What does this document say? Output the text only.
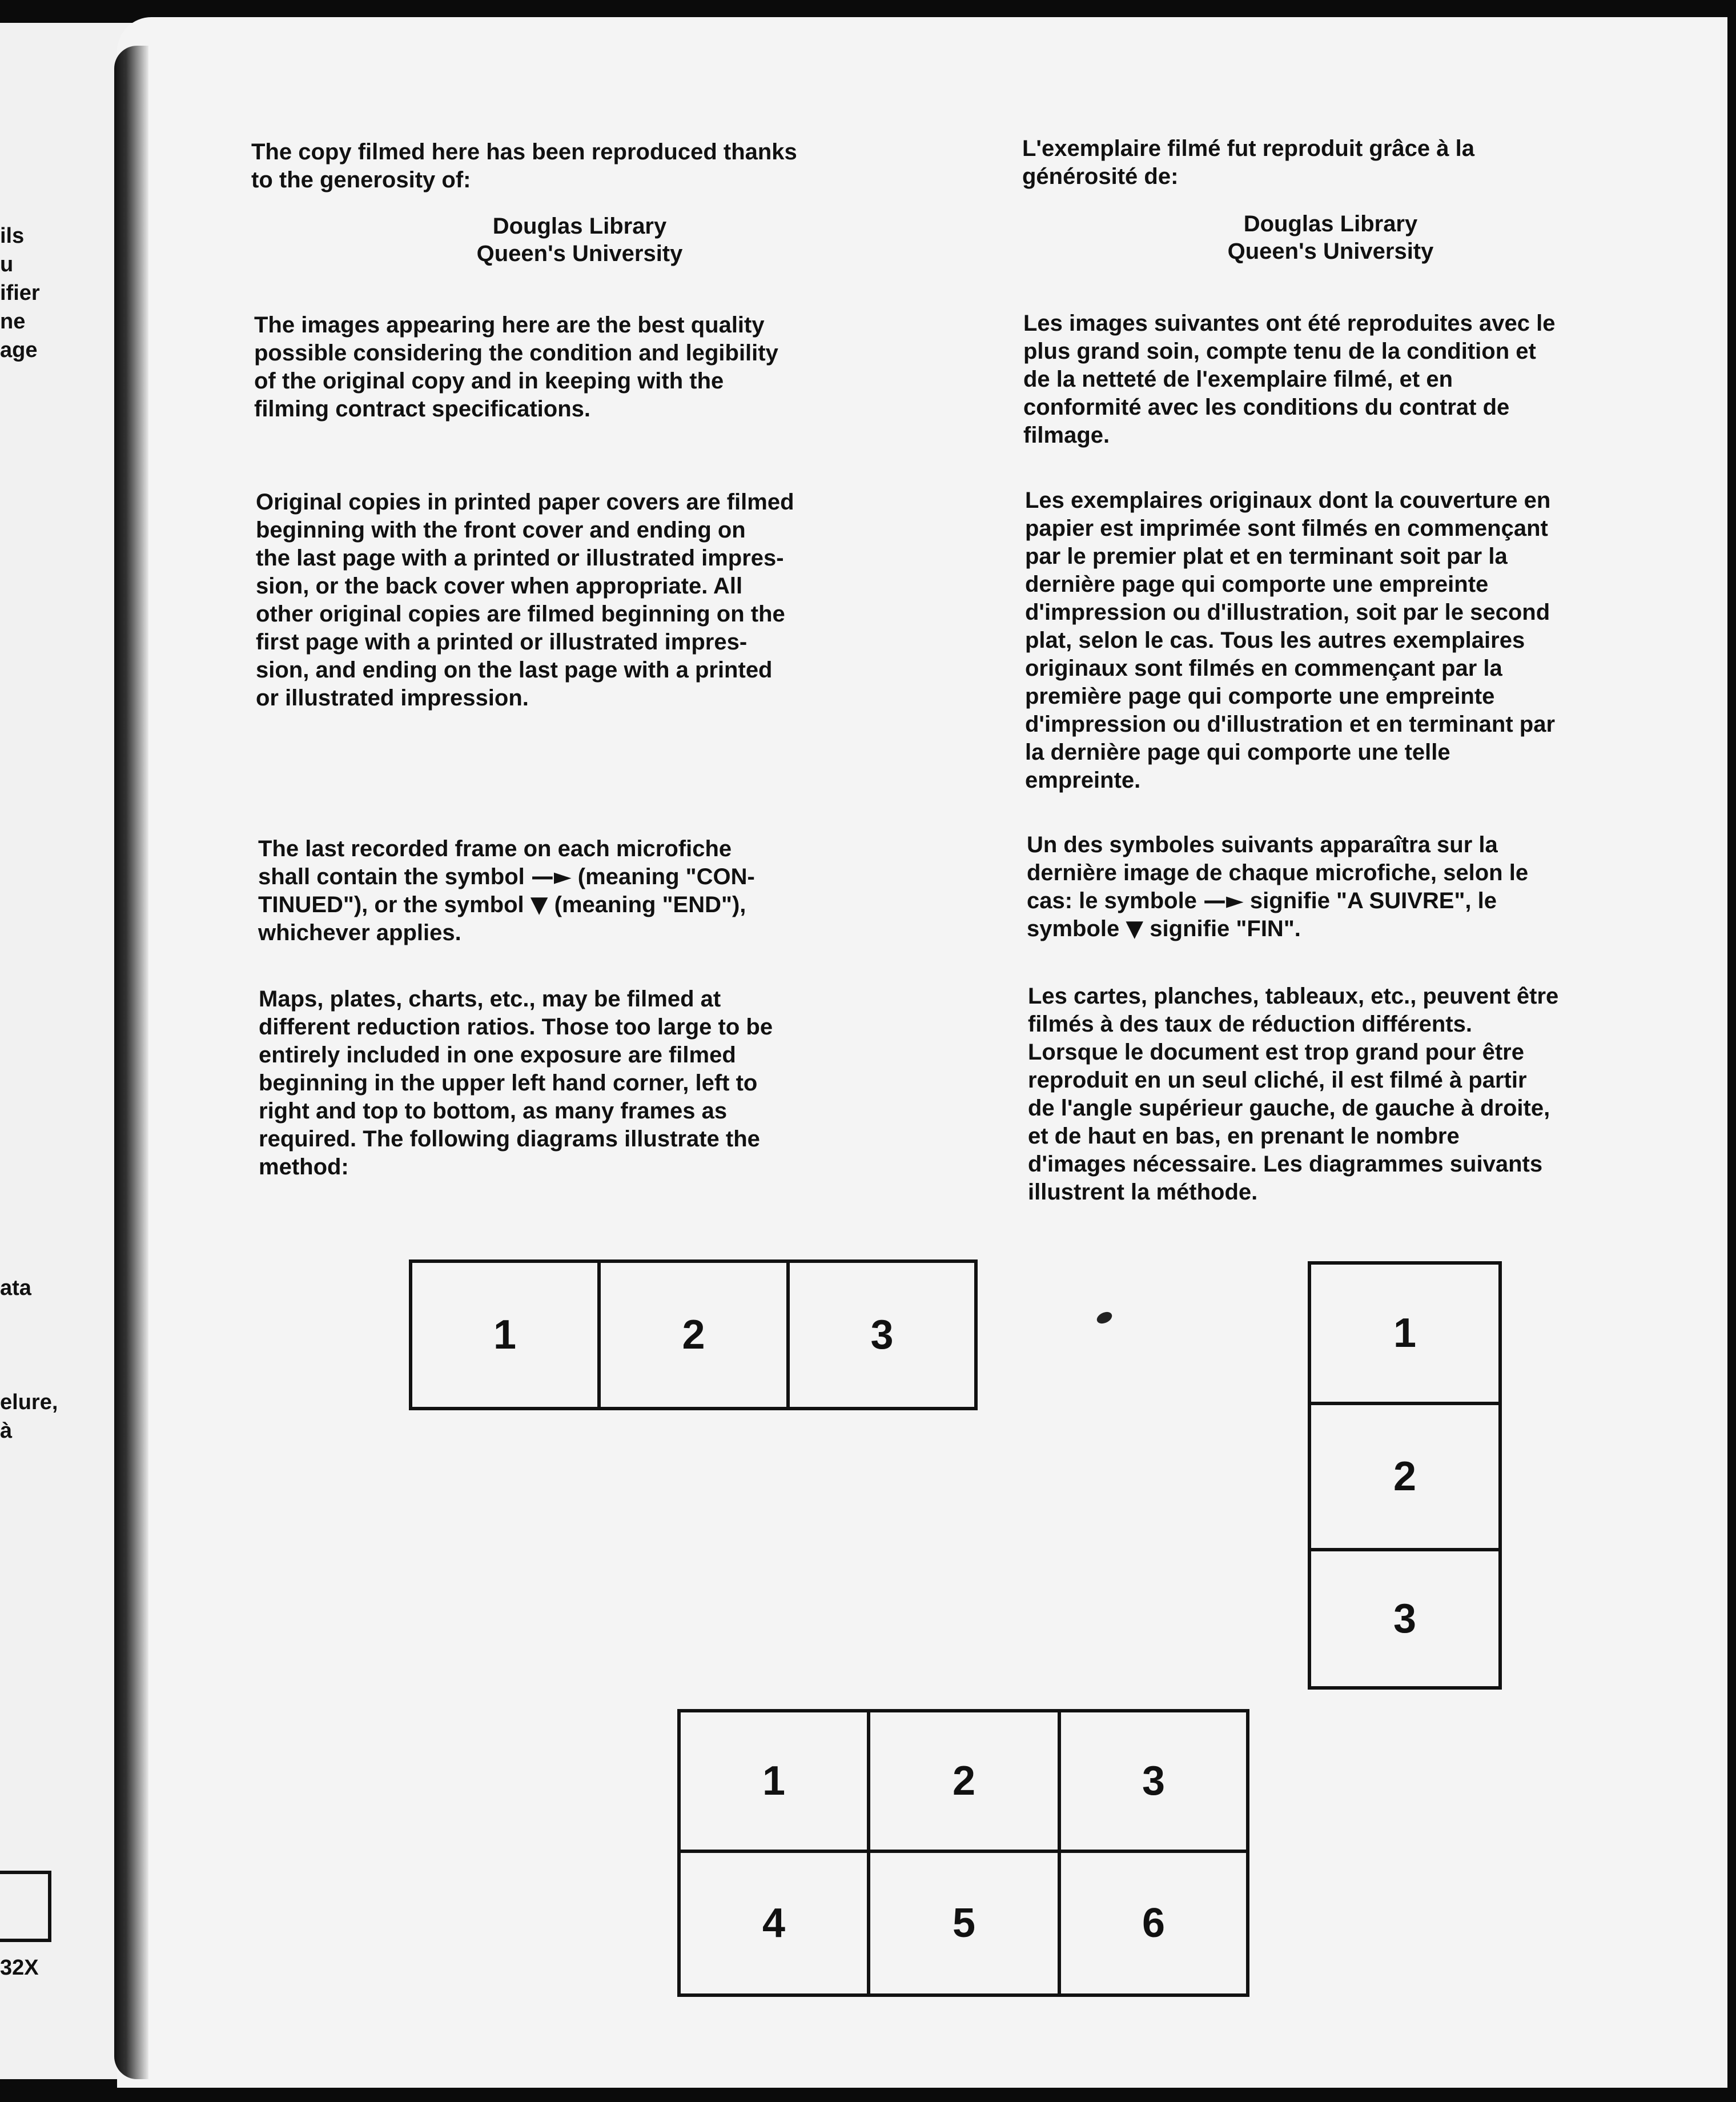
ils
u
ifier
ne
age
ata
elure,
à
32X
The copy filmed here has been reproduced thanks
to the generosity of:
Douglas Library
Queen's University
The images appearing here are the best quality
possible considering the condition and legibility
of the original copy and in keeping with the
filming contract specifications.
Original copies in printed paper covers are filmed
beginning with the front cover and ending on
the last page with a printed or illustrated impres-
sion, or the back cover when appropriate. All
other original copies are filmed beginning on the
first page with a printed or illustrated impres-
sion, and ending on the last page with a printed
or illustrated impression.
The last recorded frame on each microfiche
shall contain the symbol —► (meaning "CON-
TINUED"), or the symbol ▼ (meaning "END"),
whichever applies.
Maps, plates, charts, etc., may be filmed at
different reduction ratios. Those too large to be
entirely included in one exposure are filmed
beginning in the upper left hand corner, left to
right and top to bottom, as many frames as
required. The following diagrams illustrate the
method:
L'exemplaire filmé fut reproduit grâce à la
générosité de:
Douglas Library
Queen's University
Les images suivantes ont été reproduites avec le
plus grand soin, compte tenu de la condition et
de la netteté de l'exemplaire filmé, et en
conformité avec les conditions du contrat de
filmage.
Les exemplaires originaux dont la couverture en
papier est imprimée sont filmés en commençant
par le premier plat et en terminant soit par la
dernière page qui comporte une empreinte
d'impression ou d'illustration, soit par le second
plat, selon le cas. Tous les autres exemplaires
originaux sont filmés en commençant par la
première page qui comporte une empreinte
d'impression ou d'illustration et en terminant par
la dernière page qui comporte une telle
empreinte.
Un des symboles suivants apparaîtra sur la
dernière image de chaque microfiche, selon le
cas: le symbole —► signifie "A SUIVRE", le
symbole ▼ signifie "FIN".
Les cartes, planches, tableaux, etc., peuvent être
filmés à des taux de réduction différents.
Lorsque le document est trop grand pour être
reproduit en un seul cliché, il est filmé à partir
de l'angle supérieur gauche, de gauche à droite,
et de haut en bas, en prenant le nombre
d'images nécessaire. Les diagrammes suivants
illustrent la méthode.
1	2	3	1
2
3
1	2	3
4	5	6
